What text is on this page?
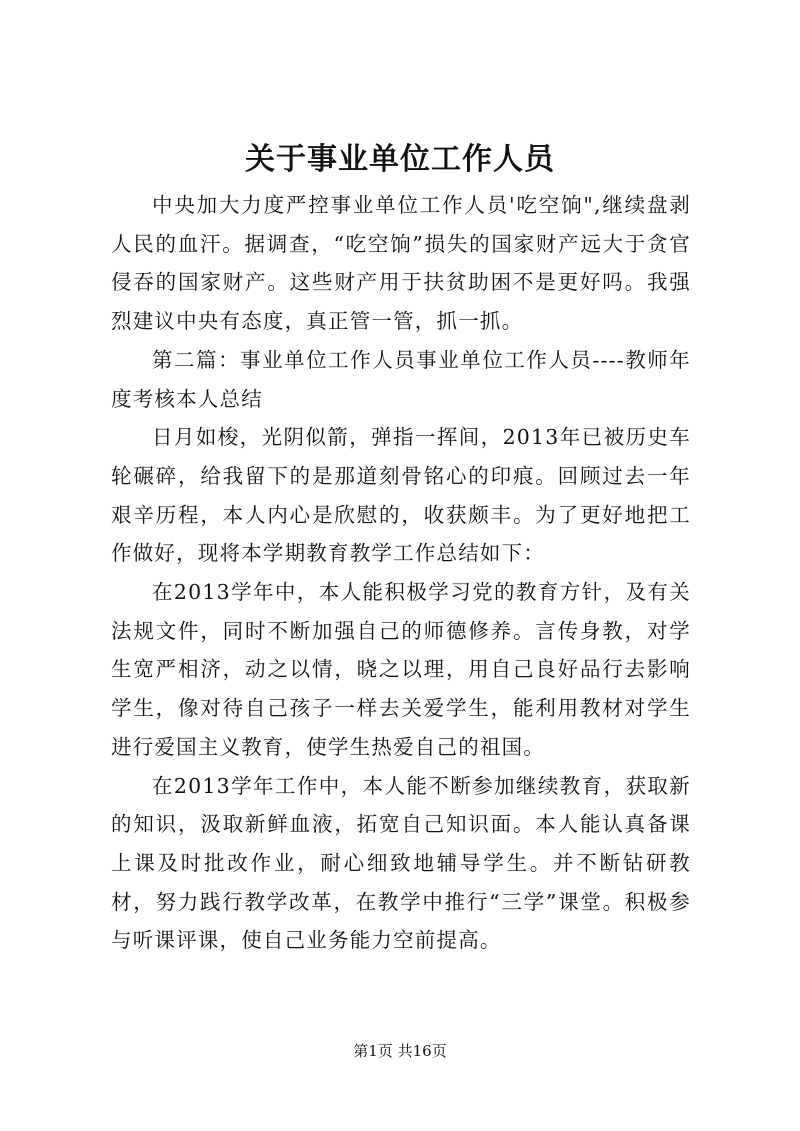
关于事业单位工作人员

中央加大力度严控事业单位工作人员'吃空饷",继续盘剥人民的血汗。据调查，“吃空饷”损失的国家财产远大于贪官侵吞的国家财产。这些财产用于扶贫助困不是更好吗。我强烈建议中央有态度，真正管一管，抓一抓。

第二篇：事业单位工作人员事业单位工作人员----教师年度考核本人总结

日月如梭，光阴似箭，弹指一挥间，2013年已被历史车轮碾碎，给我留下的是那道刻骨铭心的印痕。回顾过去一年艰辛历程，本人内心是欣慰的，收获颇丰。为了更好地把工作做好，现将本学期教育教学工作总结如下：

在2013学年中，本人能积极学习党的教育方针，及有关法规文件，同时不断加强自己的师德修养。言传身教，对学生宽严相济，动之以情，晓之以理，用自己良好品行去影响学生，像对待自己孩子一样去关爱学生，能利用教材对学生进行爱国主义教育，使学生热爱自己的祖国。

在2013学年工作中，本人能不断参加继续教育，获取新的知识，汲取新鲜血液，拓宽自己知识面。本人能认真备课上课及时批改作业，耐心细致地辅导学生。并不断钻研教材，努力践行教学改革，在教学中推行“三学”课堂。积极参与听课评课，使自己业务能力空前提高。

第1页 共16页
